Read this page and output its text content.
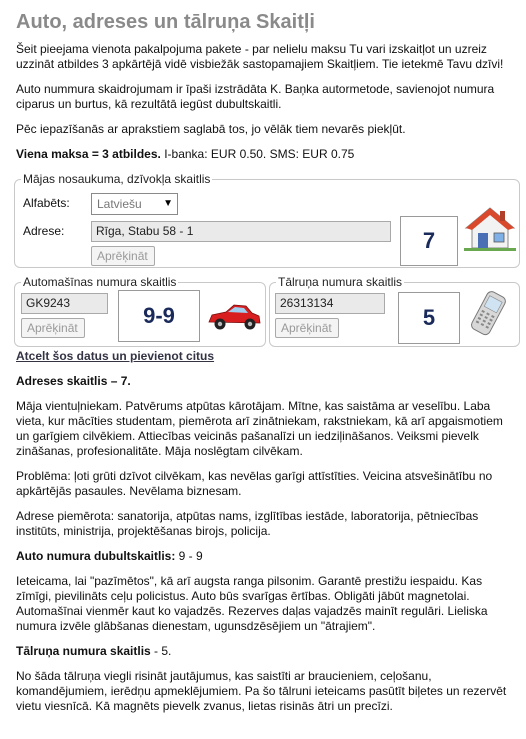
Auto, adreses un tālruņa Skaitļi

Šeit pieejama vienota pakalpojuma pakete - par nelielu maksu Tu vari izskaitļot un uzreiz uzzināt atbildes 3 apkārtējā vidē visbiežāk sastopamajiem Skaitļiem. Tie ietekmē Tavu dzīvi!

Auto nummura skaidrojumam ir īpaši izstrādāta K. Baņka autormetode, savienojot numura ciparus un burtus, kā rezultātā iegūst dubultskaitli.

Pēc iepazīšanās ar aprakstiem saglabā tos, jo vēlāk tiem nevarēs piekļūt.

Viena maksa = 3 atbildes. I-banka: EUR 0.50. SMS: EUR 0.75

Mājas nosaukuma, dzīvokļa skaitlis
Alfabēts:	Latviešu ▼
Adrese:	Rīga, Stabu 58 - 1
Aprēķināt
7
Automašīnas numura skaitlis
GK9243
Aprēķināt	9-9
Tālruņa numura skaitlis
26313134
Aprēķināt	5
Atcelt šos datus un pievienot citus

Adreses skaitlis – 7.

Māja vientuļniekam. Patvērums atpūtas kārotājam. Mītne, kas saistāma ar veselību. Laba vieta, kur mācīties studentam, piemērota arī zinātniekam, rakstniekam, kā arī apgaismotiem un garīgiem cilvēkiem. Attiecības veicinās pašanalīzi un iedziļināšanos. Veiksmi pievelk zināšanas, profesionalitāte. Māja noslēgtam cilvēkam.

Problēma: ļoti grūti dzīvot cilvēkam, kas nevēlas garīgi attīstīties. Veicina atsvešinātību no apkārtējās pasaules. Nevēlama biznesam.

Adrese piemērota: sanatorija, atpūtas nams, izglītības iestāde, laboratorija, pētniecības institūts, ministrija, projektēšanas birojs, policija.

Auto numura dubultskaitlis: 9 - 9

Ieteicama, lai "pazīmētos", kā arī augsta ranga pilsonim. Garantē prestižu iespaidu. Kas zīmīgi, pievilināts ceļu policistus. Auto būs svarīgas ērtības. Obligāti jābūt magnetolai. Automašīnai vienmēr kaut ko vajadzēs. Rezerves daļas vajadzēs mainīt regulāri. Lieliska numura izvēle glābšanas dienestam, ugunsdzēsējiem un "ātrajiem".

Tālruņa numura skaitlis - 5.

No šāda tālruņa viegli risināt jautājumus, kas saistīti ar braucieniem, ceļošanu, komandējumiem, ierēdņu apmeklējumiem. Pa šo tālruni ieteicams pasūtīt biļetes un rezervēt vietu viesnīcā. Kā magnēts pievelk zvanus, lietas risinās ātri un precīzi.
